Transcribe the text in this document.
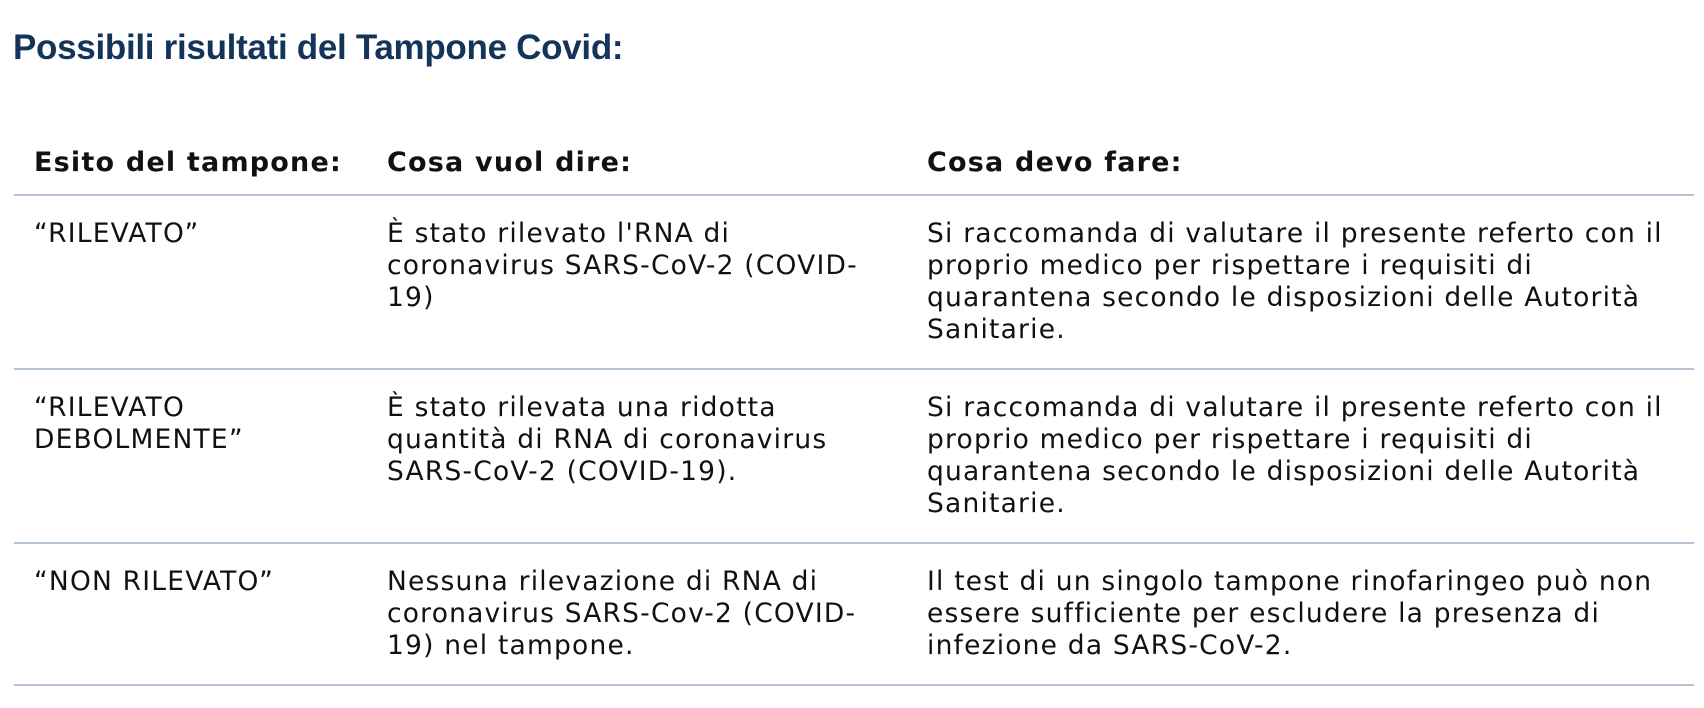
Possibili risultati del Tampone Covid:
Esito del tampone:	Cosa vuol dire:	Cosa devo fare:
“RILEVATO”	È stato rilevato l'RNA di coronavirus SARS-CoV-2 (COVID-19)	Si raccomanda di valutare il presente referto con il proprio medico per rispettare i requisiti di quarantena secondo le disposizioni delle Autorità Sanitarie.
“RILEVATO DEBOLMENTE”	È stato rilevata una ridotta quantità di RNA di coronavirus SARS-CoV-2 (COVID-19).	Si raccomanda di valutare il presente referto con il proprio medico per rispettare i requisiti di quarantena secondo le disposizioni delle Autorità Sanitarie.
“NON RILEVATO”	Nessuna rilevazione di RNA di coronavirus SARS-Cov-2 (COVID-19) nel tampone.	Il test di un singolo tampone rinofaringeo può non essere sufficiente per escludere la presenza di infezione da SARS-CoV-2.
